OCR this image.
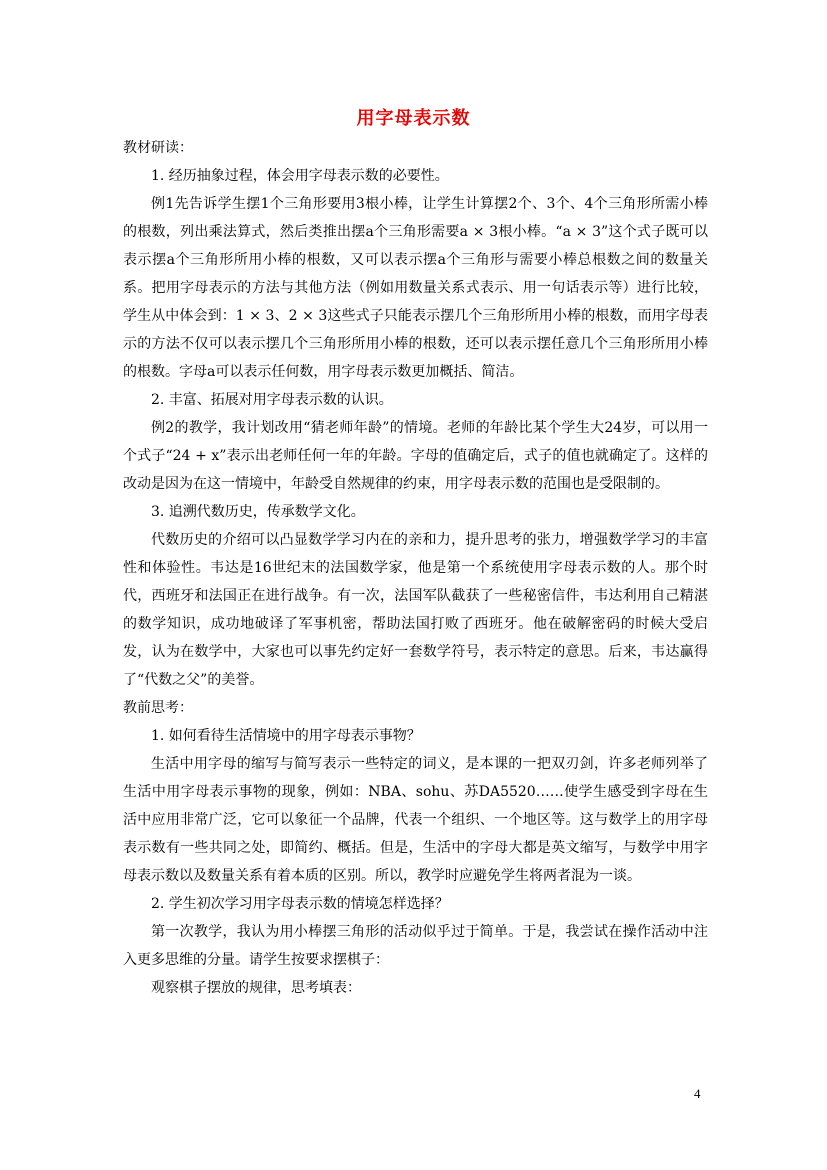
用字母表示数

教材研读：

1. 经历抽象过程，体会用字母表示数的必要性。

例1先告诉学生摆1个三角形要用3根小棒，让学生计算摆2个、3个、4个三角形所需小棒的根数，列出乘法算式，然后类推出摆a个三角形需要a × 3根小棒。“a × 3”这个式子既可以表示摆a个三角形所用小棒的根数，又可以表示摆a个三角形与需要小棒总根数之间的数量关系。把用字母表示的方法与其他方法（例如用数量关系式表示、用一句话表示等）进行比较，学生从中体会到：1 × 3、2 × 3这些式子只能表示摆几个三角形所用小棒的根数，而用字母表示的方法不仅可以表示摆几个三角形所用小棒的根数，还可以表示摆任意几个三角形所用小棒的根数。字母a可以表示任何数，用字母表示数更加概括、简洁。

2. 丰富、拓展对用字母表示数的认识。

例2的教学，我计划改用“猜老师年龄”的情境。老师的年龄比某个学生大24岁，可以用一个式子“24 + x”表示出老师任何一年的年龄。字母的值确定后，式子的值也就确定了。这样的改动是因为在这一情境中，年龄受自然规律的约束，用字母表示数的范围也是受限制的。

3. 追溯代数历史，传承数学文化。

代数历史的介绍可以凸显数学学习内在的亲和力，提升思考的张力，增强数学学习的丰富性和体验性。韦达是16世纪末的法国数学家，他是第一个系统使用字母表示数的人。那个时代，西班牙和法国正在进行战争。有一次，法国军队截获了一些秘密信件，韦达利用自己精湛的数学知识，成功地破译了军事机密，帮助法国打败了西班牙。他在破解密码的时候大受启发，认为在数学中，大家也可以事先约定好一套数学符号，表示特定的意思。后来，韦达赢得了“代数之父”的美誉。

教前思考：

1. 如何看待生活情境中的用字母表示事物？

生活中用字母的缩写与简写表示一些特定的词义，是本课的一把双刃剑，许多老师列举了生活中用字母表示事物的现象，例如：NBA、sohu、苏DA5520……使学生感受到字母在生活中应用非常广泛，它可以象征一个品牌，代表一个组织、一个地区等。这与数学上的用字母表示数有一些共同之处，即简约、概括。但是，生活中的字母大都是英文缩写，与数学中用字母表示数以及数量关系有着本质的区别。所以，教学时应避免学生将两者混为一谈。

2. 学生初次学习用字母表示数的情境怎样选择？

第一次教学，我认为用小棒摆三角形的活动似乎过于简单。于是，我尝试在操作活动中注入更多思维的分量。请学生按要求摆棋子：

观察棋子摆放的规律，思考填表：

4
